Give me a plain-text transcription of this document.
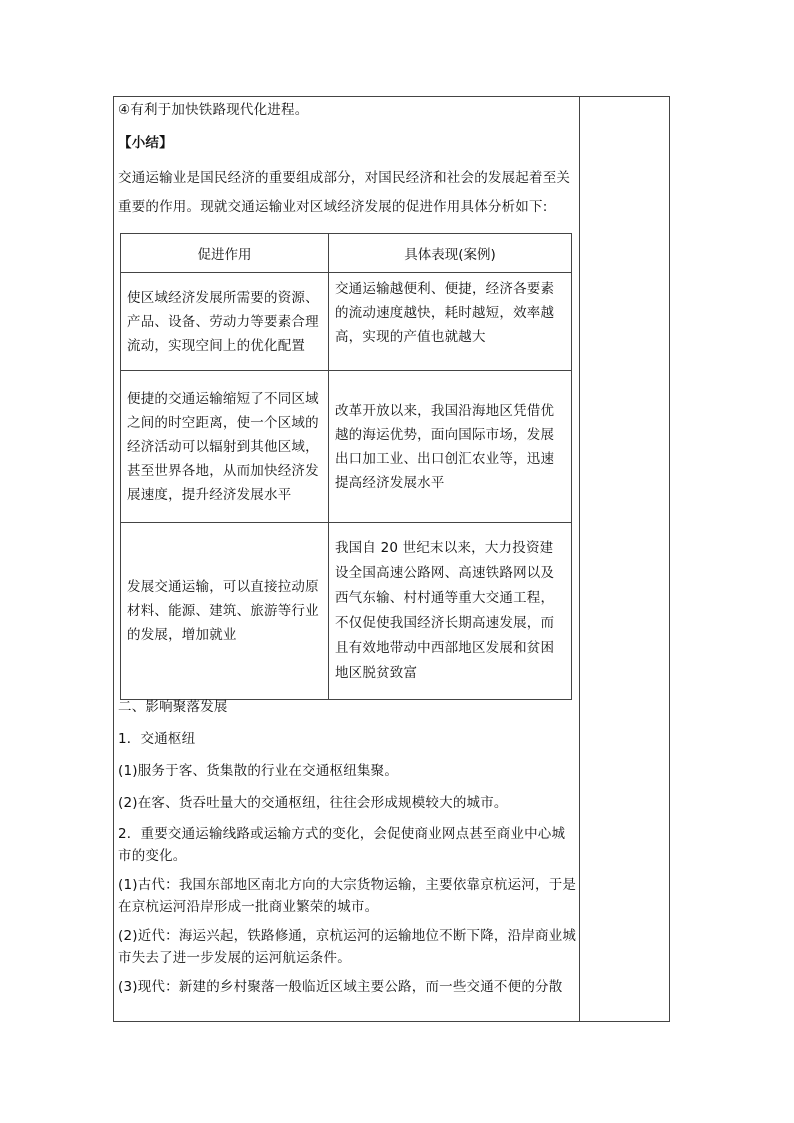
④有利于加快铁路现代化进程。

【小结】

交通运输业是国民经济的重要组成部分，对国民经济和社会的发展起着至关重要的作用。现就交通运输业对区域经济发展的促进作用具体分析如下:

促进作用	具体表现(案例)
使区域经济发展所需要的资源、产品、设备、劳动力等要素合理流动，实现空间上的优化配置	交通运输越便利、便捷，经济各要素的流动速度越快，耗时越短，效率越高，实现的产值也就越大
便捷的交通运输缩短了不同区域之间的时空距离，使一个区域的经济活动可以辐射到其他区域，甚至世界各地，从而加快经济发展速度，提升经济发展水平	改革开放以来，我国沿海地区凭借优越的海运优势，面向国际市场，发展出口加工业、出口创汇农业等，迅速提高经济发展水平
发展交通运输，可以直接拉动原材料、能源、建筑、旅游等行业的发展，增加就业	我国自 20 世纪末以来，大力投资建设全国高速公路网、高速铁路网以及西气东输、村村通等重大交通工程，不仅促使我国经济长期高速发展，而且有效地带动中西部地区发展和贫困地区脱贫致富

二、影响聚落发展

1．交通枢纽

(1)服务于客、货集散的行业在交通枢纽集聚。

(2)在客、货吞吐量大的交通枢纽，往往会形成规模较大的城市。

2．重要交通运输线路或运输方式的变化，会促使商业网点甚至商业中心城市的变化。

(1)古代：我国东部地区南北方向的大宗货物运输，主要依靠京杭运河，于是在京杭运河沿岸形成一批商业繁荣的城市。

(2)近代：海运兴起，铁路修通，京杭运河的运输地位不断下降，沿岸商业城市失去了进一步发展的运河航运条件。

(3)现代：新建的乡村聚落一般临近区域主要公路，而一些交通不便的分散
